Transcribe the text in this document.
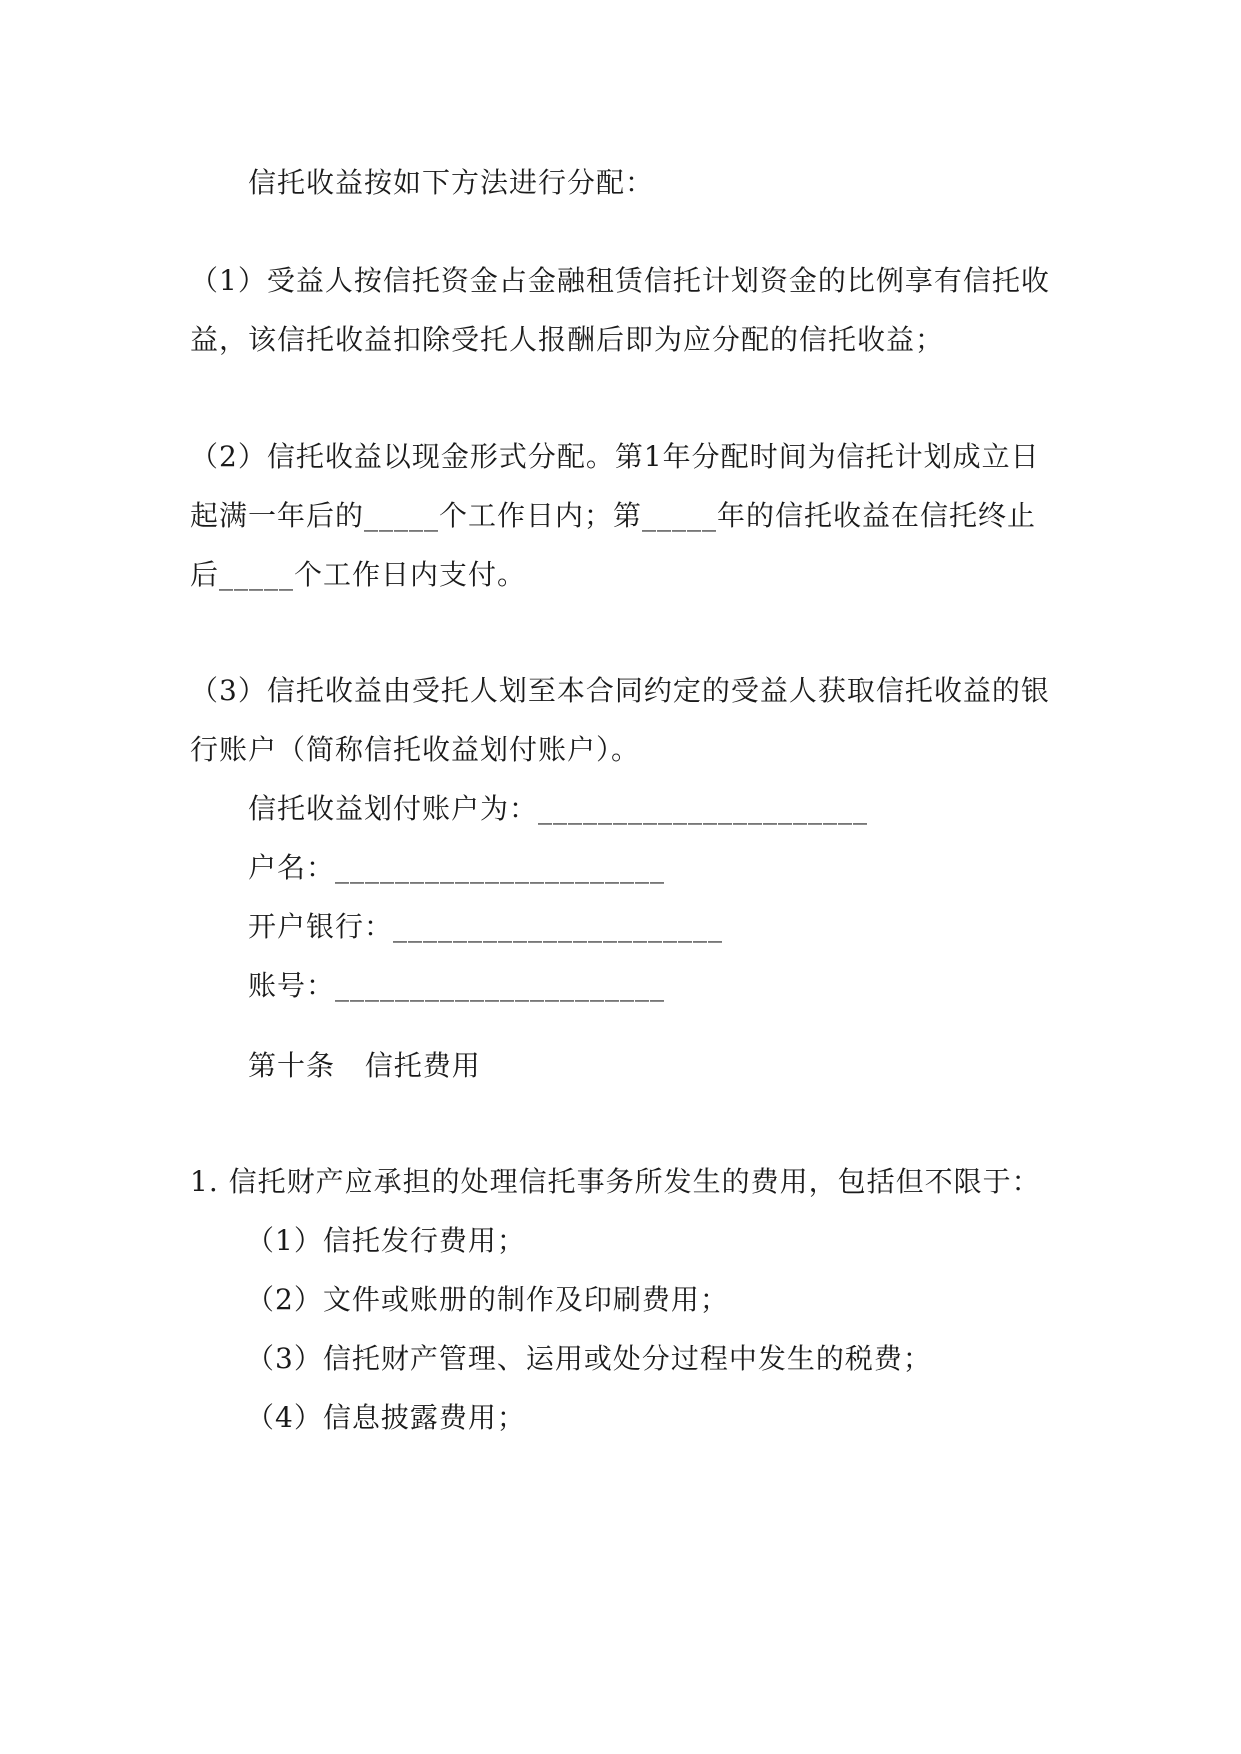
信托收益按如下方法进行分配：
（1）受益人按信托资金占金融租赁信托计划资金的比例享有信托收
益，该信托收益扣除受托人报酬后即为应分配的信托收益；
（2）信托收益以现金形式分配。第1年分配时间为信托计划成立日
起满一年后的_____个工作日内；第_____年的信托收益在信托终止
后_____个工作日内支付。
（3）信托收益由受托人划至本合同约定的受益人获取信托收益的银
行账户（简称信托收益划付账户）。
信托收益划付账户为：______________________
户名：______________________
开户银行：______________________
账号：______________________
第十条   信托费用
1. 信托财产应承担的处理信托事务所发生的费用，包括但不限于：
（1）信托发行费用；
（2）文件或账册的制作及印刷费用；
（3）信托财产管理、运用或处分过程中发生的税费；
（4）信息披露费用；
